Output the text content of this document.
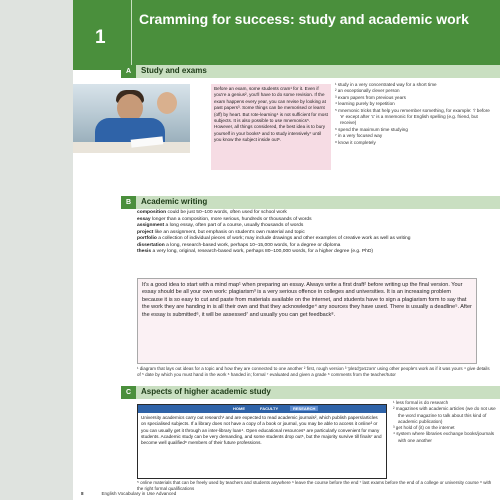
1
Cramming for success: study and academic work
A	Study and exams

Before an exam, some students cram¹ for it. Even if you're a genius², you'll have to do some revision. If the exam happens every year, you can revise by looking at past papers³. Some things can be memorised or learnt (off) by heart. But rote-learning⁴ is not sufficient for most subjects. It is also possible to use mnemonics⁵. However, all things considered, the best idea is to bury yourself in your books⁶ and to study intensively⁷ until you know the subject inside out⁸.

¹ study in a very concentrated way for a short time
² an exceptionally clever person
³ exam papers from previous years
⁴ learning purely by repetition
⁵ mnemonic tricks that help you remember something, for example: 'i' before 'e' except after 'c' is a mnemonic for English spelling (e.g. friend, but receive)
⁶ spend the maximum time studying
⁷ in a very focused way
⁸ know it completely
B	Academic writing
composition could be just 50–100 words, often used for school work
essay longer than a composition, more serious, hundreds or thousands of words
assignment a long essay, often part of a course, usually thousands of words
project like an assignment, but emphasis on student's own material and topic
portfolio a collection of individual pieces of work; may include drawings and other examples of creative work as well as writing
dissertation a long, research-based work, perhaps 10–15,000 words, for a degree or diploma
thesis a very long, original, research-based work, perhaps 80–100,000 words, for a higher degree (e.g. PhD)

It's a good idea to start with a mind map¹ when preparing an essay. Always write a first draft² before writing up the final version. Your essay should be all your own work: plagiarism³ is a very serious offence in colleges and universities. It is an increasing problem because it is so easy to cut and paste from materials available on the internet, and students have to sign a plagiarism form to say that the work they are handing in is all their own and that they acknowledge⁴ any sources they have used. There is usually a deadline⁵. After the essay is submitted⁶, it will be assessed⁷ and usually you can get feedback⁸.

¹ diagram that lays out ideas for a topic and how they are connected to one another ² first, rough version ³ 'pleɪdʒərɪzəm' using other people's work as if it was yours ⁴ give details of ⁵ date by which you must hand in the work ⁶ handed in; formal ⁷ evaluated and given a grade ⁸ comments from the teacher/tutor

C	Aspects of higher academic study
HOME	FACULTY	RESEARCH

University academics carry out research¹ and are expected to read academic journals², which publish papers/articles on specialised subjects. If a library does not have a copy of a book or journal, you may be able to access it online³ or you can usually get it through an inter-library loan⁴. Open educational resources⁵ are particularly convenient for many students. Academic study can be very demanding, and some students drop out⁶, but the majority survive till finals⁷ and become well qualified⁸ members of their future professions.

¹ less formal is do research
² magazines with academic articles (we do not use the word magazine to talk about this kind of academic publication)
³ get hold of (it) on the internet
⁴ system where libraries exchange books/journals with one another

⁵ online materials that can be freely used by teachers and students anywhere ⁶ leave the course before the end ⁷ last exams before the end of a college or university course ⁸ with the right formal qualifications

8	English Vocabulary in Use Advanced
